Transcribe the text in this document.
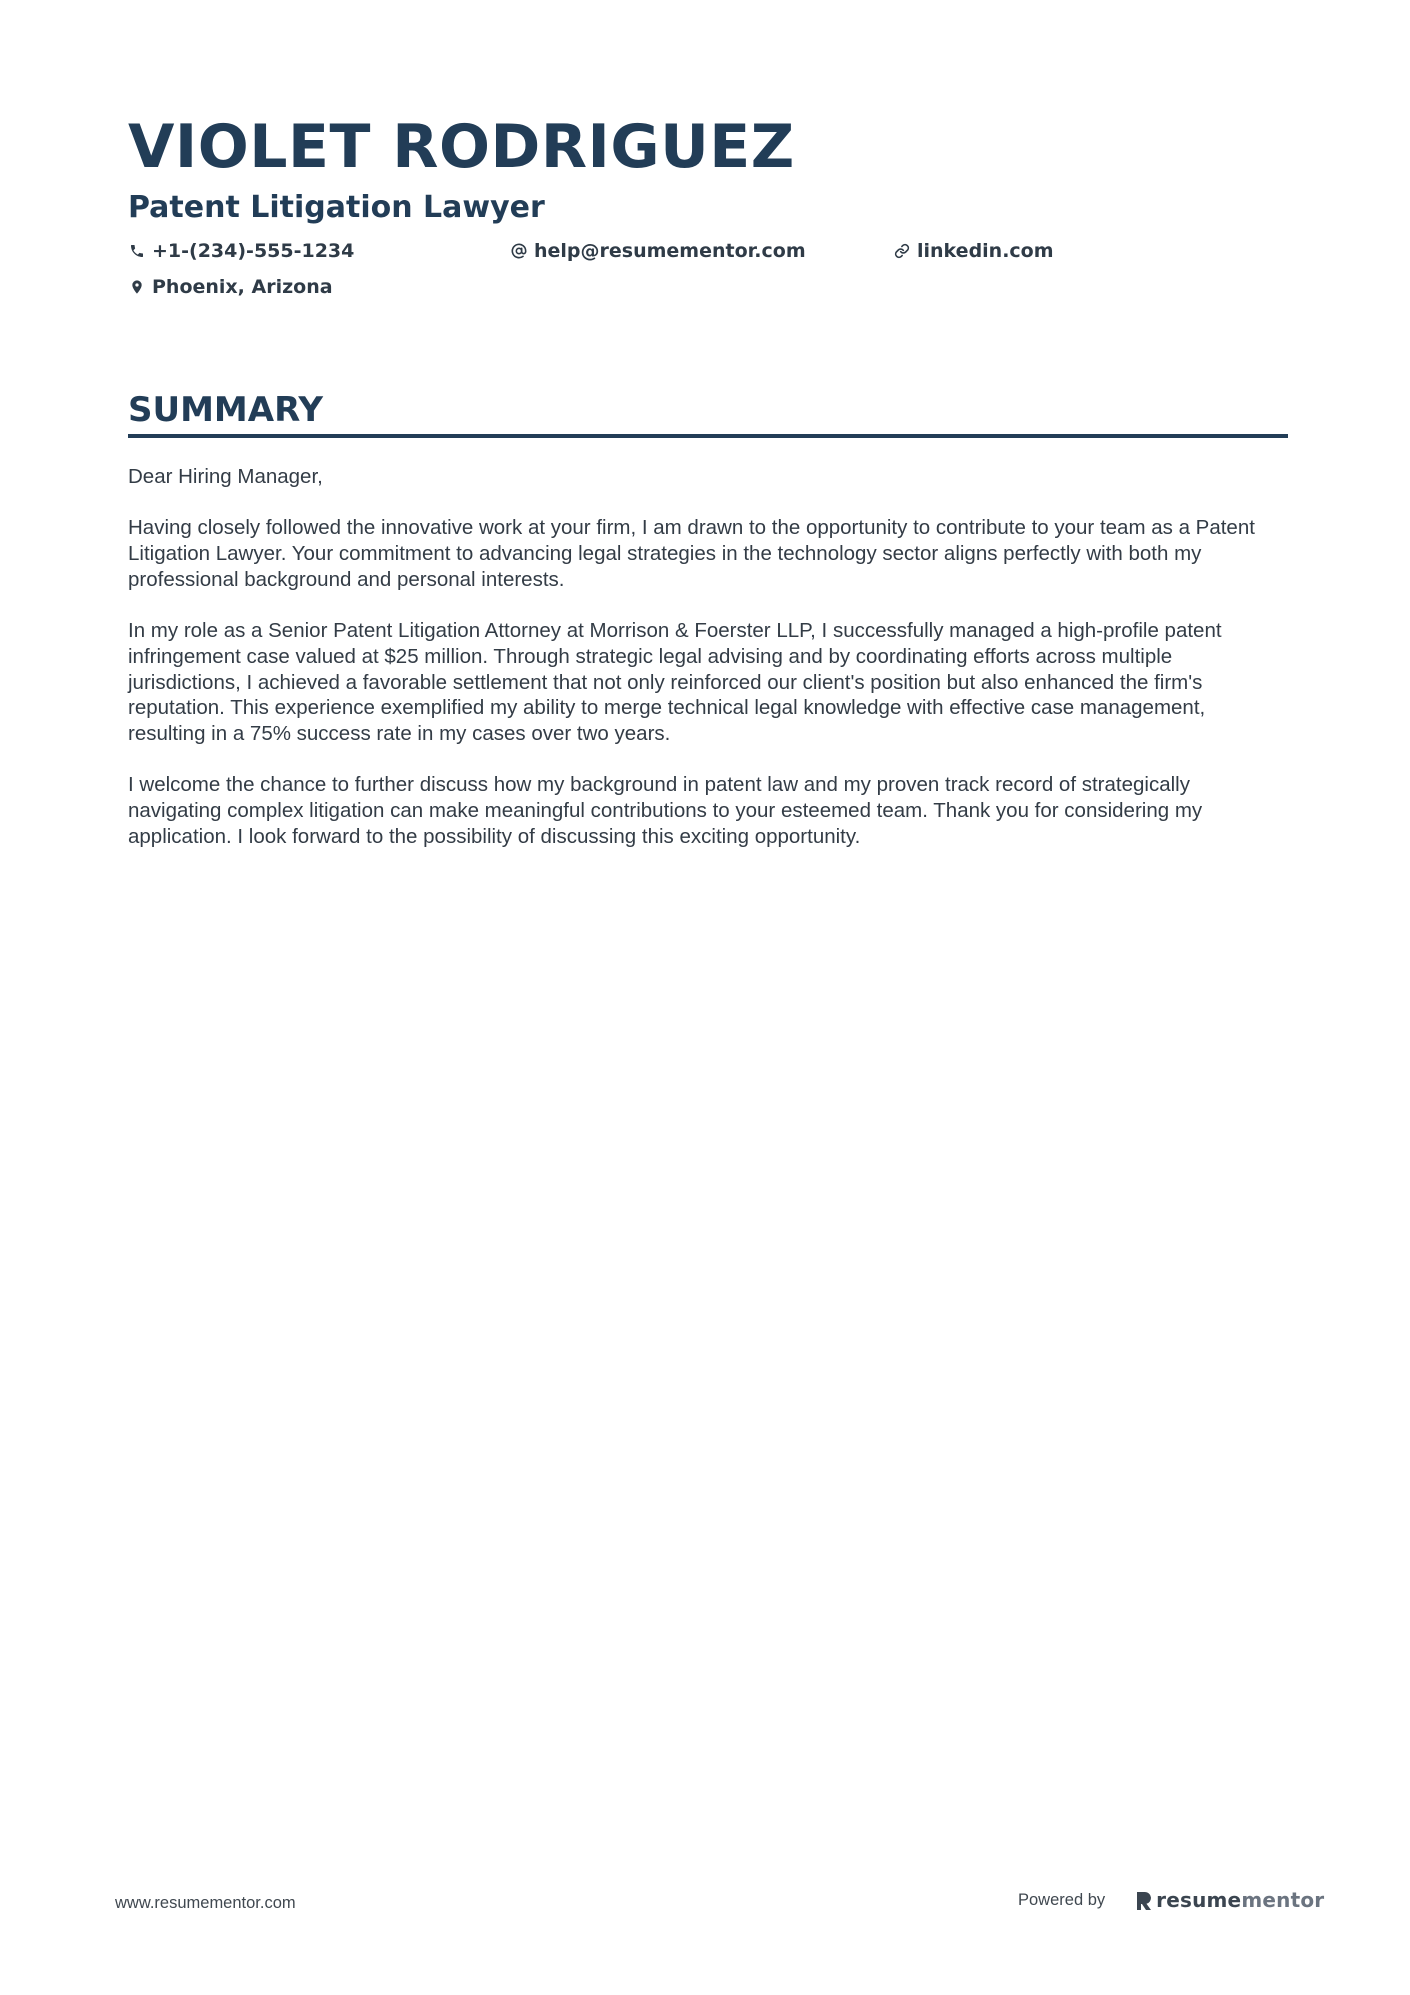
VIOLET RODRIGUEZ
Patent Litigation Lawyer
+1-(234)-555-1234	help@resumementor.com	linkedin.com
Phoenix, Arizona
SUMMARY

Dear Hiring Manager,

Having closely followed the innovative work at your firm, I am drawn to the opportunity to contribute to your team as a Patent Litigation Lawyer. Your commitment to advancing legal strategies in the technology sector aligns perfectly with both my professional background and personal interests.

In my role as a Senior Patent Litigation Attorney at Morrison & Foerster LLP, I successfully managed a high-profile patent infringement case valued at $25 million. Through strategic legal advising and by coordinating efforts across multiple jurisdictions, I achieved a favorable settlement that not only reinforced our client's position but also enhanced the firm's reputation. This experience exemplified my ability to merge technical legal knowledge with effective case management, resulting in a 75% success rate in my cases over two years.

I welcome the chance to further discuss how my background in patent law and my proven track record of strategically navigating complex litigation can make meaningful contributions to your esteemed team. Thank you for considering my application. I look forward to the possibility of discussing this exciting opportunity.

www.resumementor.com	Powered by	resume mentor
